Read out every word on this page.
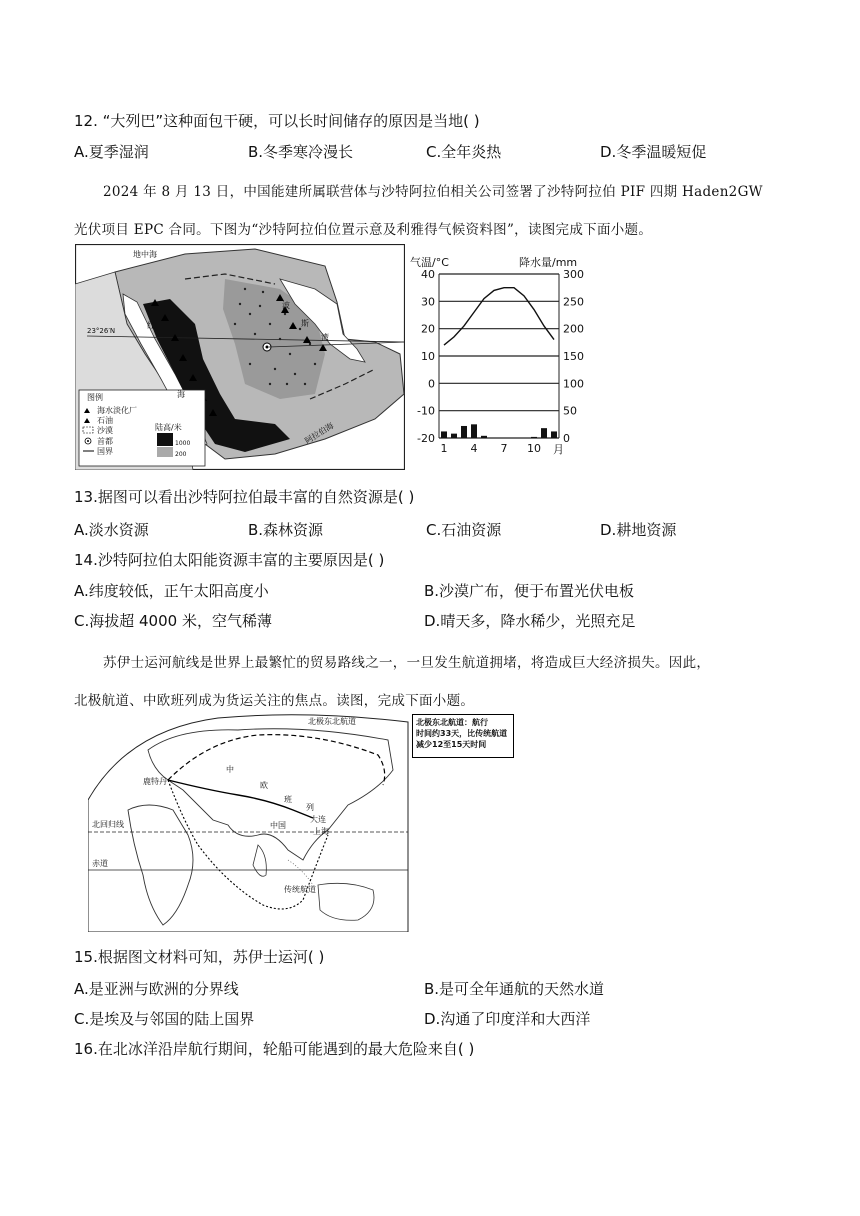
12. “大列巴”这种面包干硬，可以长时间储存的原因是当地( )
A.夏季湿润	B.冬季寒冷漫长	C.全年炎热	D.冬季温暖短促
2024 年 8 月 13 日，中国能建所属联营体与沙特阿拉伯相关公司签署了沙特阿拉伯 PIF 四期 Haden2GW
光伏项目 EPC 合同。下图为“沙特阿拉伯位置示意及利雅得气候资料图”，读图完成下面小题。
地中海
波
斯
湾
红
海
阿拉伯海
23°26′N
图例
海水淡化厂
石油
沙漠
首都
国界
陆高/米
1000
200
气温/°C	降水量/mm
月
-20
-10
0
10
20
30
40
0
50
100
150
200
250
300
1 4 7 10
13.据图可以看出沙特阿拉伯最丰富的自然资源是( )
A.淡水资源	B.森林资源	C.石油资源	D.耕地资源
14.沙特阿拉伯太阳能资源丰富的主要原因是( )
A.纬度较低，正午太阳高度小	B.沙漠广布，便于布置光伏电板
C.海拔超 4000 米，空气稀薄	D.晴天多，降水稀少，光照充足
苏伊士运河航线是世界上最繁忙的贸易路线之一，一旦发生航道拥堵，将造成巨大经济损失。因此，
北极航道、中欧班列成为货运关注的焦点。读图，完成下面小题。
北极东北航道
鹿特丹
中
欧
班
列
大连
上海
中国
北回归线
赤道
传统航道
北极东北航道：航行
时间约33天，比传统航道
减少12至15天时间
15.根据图文材料可知，苏伊士运河( )
A.是亚洲与欧洲的分界线	B.是可全年通航的天然水道
C.是埃及与邻国的陆上国界	D.沟通了印度洋和大西洋
16.在北冰洋沿岸航行期间，轮船可能遇到的最大危险来自( )
